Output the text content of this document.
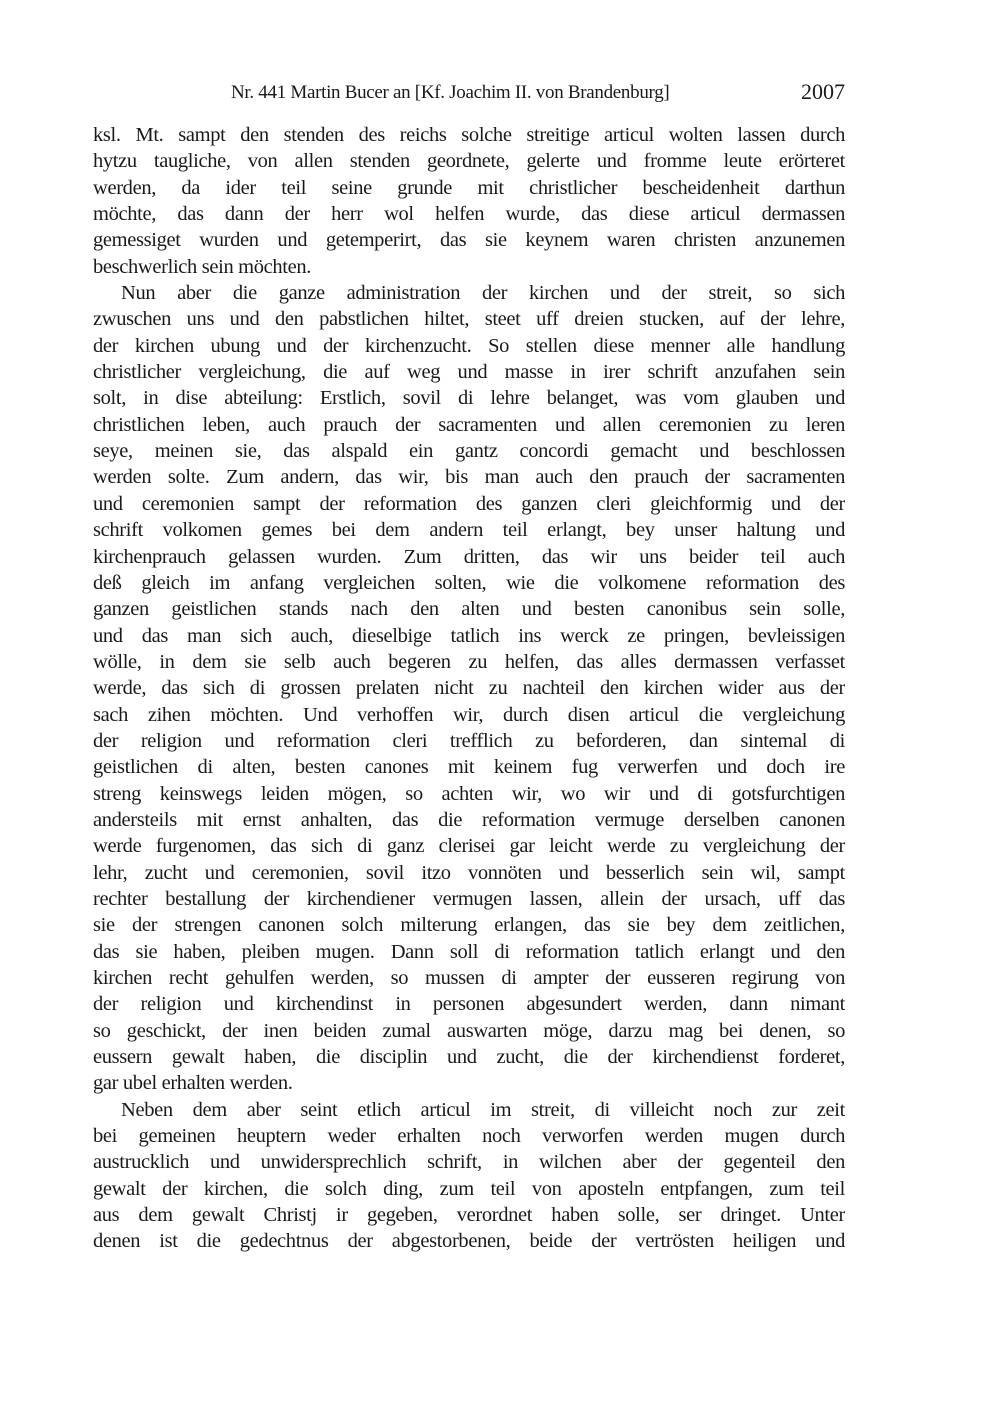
Nr. 441 Martin Bucer an [Kf. Joachim II. von Brandenburg]	2007
ksl. Mt. sampt den stenden des reichs solche streitige articul wolten lassen durch
hytzu taugliche, von allen stenden geordnete, gelerte und fromme leute erörteret
werden, da ider teil seine grunde mit christlicher bescheidenheit darthun
möchte, das dann der herr wol helfen wurde, das diese articul dermassen
gemessiget wurden und getemperirt, das sie keynem waren christen anzunemen
beschwerlich sein möchten.
Nun aber die ganze administration der kirchen und der streit, so sich
zwuschen uns und den pabstlichen hiltet, steet uff dreien stucken, auf der lehre,
der kirchen ubung und der kirchenzucht. So stellen diese menner alle handlung
christlicher vergleichung, die auf weg und masse in irer schrift anzufahen sein
solt, in dise abteilung: Erstlich, sovil di lehre belanget, was vom glauben und
christlichen leben, auch prauch der sacramenten und allen ceremonien zu leren
seye, meinen sie, das alspald ein gantz concordi gemacht und beschlossen
werden solte. Zum andern, das wir, bis man auch den prauch der sacramenten
und ceremonien sampt der reformation des ganzen cleri gleichformig und der
schrift volkomen gemes bei dem andern teil erlangt, bey unser haltung und
kirchenprauch gelassen wurden. Zum dritten, das wir uns beider teil auch
deß gleich im anfang vergleichen solten, wie die volkomene reformation des
ganzen geistlichen stands nach den alten und besten canonibus sein solle,
und das man sich auch, dieselbige tatlich ins werck ze pringen, bevleissigen
wölle, in dem sie selb auch begeren zu helfen, das alles dermassen verfasset
werde, das sich di grossen prelaten nicht zu nachteil den kirchen wider aus der
sach zihen möchten. Und verhoffen wir, durch disen articul die vergleichung
der religion und reformation cleri trefflich zu beforderen, dan sintemal di
geistlichen di alten, besten canones mit keinem fug verwerfen und doch ire
streng keinswegs leiden mögen, so achten wir, wo wir und di gotsfurchtigen
andersteils mit ernst anhalten, das die reformation vermuge derselben canonen
werde furgenomen, das sich di ganz clerisei gar leicht werde zu vergleichung der
lehr, zucht und ceremonien, sovil itzo vonnöten und besserlich sein wil, sampt
rechter bestallung der kirchendiener vermugen lassen, allein der ursach, uff das
sie der strengen canonen solch milterung erlangen, das sie bey dem zeitlichen,
das sie haben, pleiben mugen. Dann soll di reformation tatlich erlangt und den
kirchen recht gehulfen werden, so mussen di ampter der eusseren regirung von
der religion und kirchendinst in personen abgesundert werden, dann nimant
so geschickt, der inen beiden zumal auswarten möge, darzu mag bei denen, so
eussern gewalt haben, die disciplin und zucht, die der kirchendienst forderet,
gar ubel erhalten werden.
Neben dem aber seint etlich articul im streit, di villeicht noch zur zeit
bei gemeinen heuptern weder erhalten noch verworfen werden mugen durch
austrucklich und unwidersprechlich schrift, in wilchen aber der gegenteil den
gewalt der kirchen, die solch ding, zum teil von aposteln entpfangen, zum teil
aus dem gewalt Christj ir gegeben, verordnet haben solle, ser dringet. Unter
denen ist die gedechtnus der abgestorbenen, beide der vertrösten heiligen und
